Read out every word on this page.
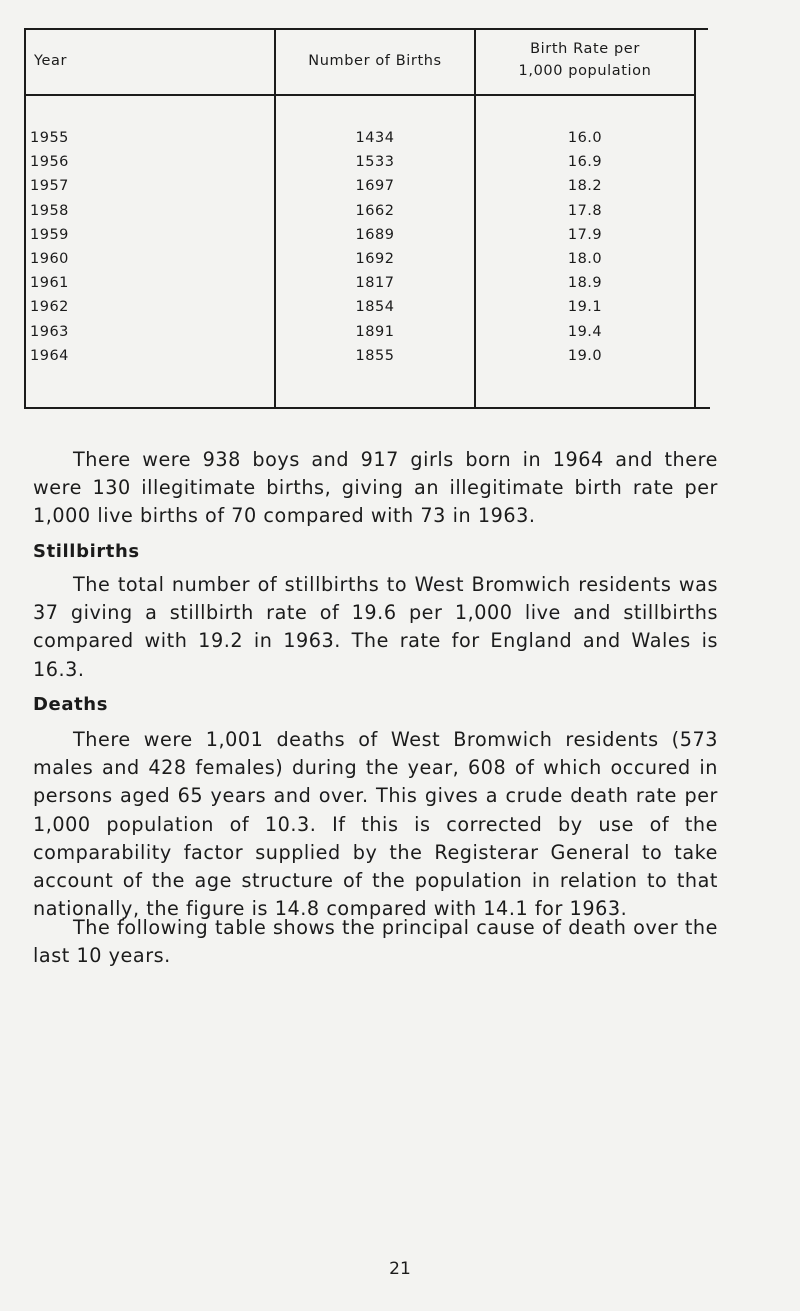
Year	Number of Births
Birth Rate per
1,000 population
1955	1434	16.0
1956	1533	16.9
1957	1697	18.2
1958	1662	17.8
1959	1689	17.9
1960	1692	18.0
1961	1817	18.9
1962	1854	19.1
1963	1891	19.4
1964	1855	19.0

There were 938 boys and 917 girls born in 1964 and there were 130 illegitimate births, giving an illegitimate birth rate per 1,000 live births of 70 compared with 73 in 1963.

Stillbirths

The total number of stillbirths to West Bromwich residents was 37 giving a stillbirth rate of 19.6 per 1,000 live and stillbirths compared with 19.2 in 1963. The rate for England and Wales is 16.3.

Deaths

There were 1,001 deaths of West Bromwich residents (573 males and 428 females) during the year, 608 of which occured in persons aged 65 years and over. This gives a crude death rate per 1,000 population of 10.3. If this is corrected by use of the comparability factor supplied by the Registerar General to take account of the age structure of the population in relation to that nationally, the figure is 14.8 compared with 14.1 for 1963.

The following table shows the principal cause of death over the last 10 years.

21
